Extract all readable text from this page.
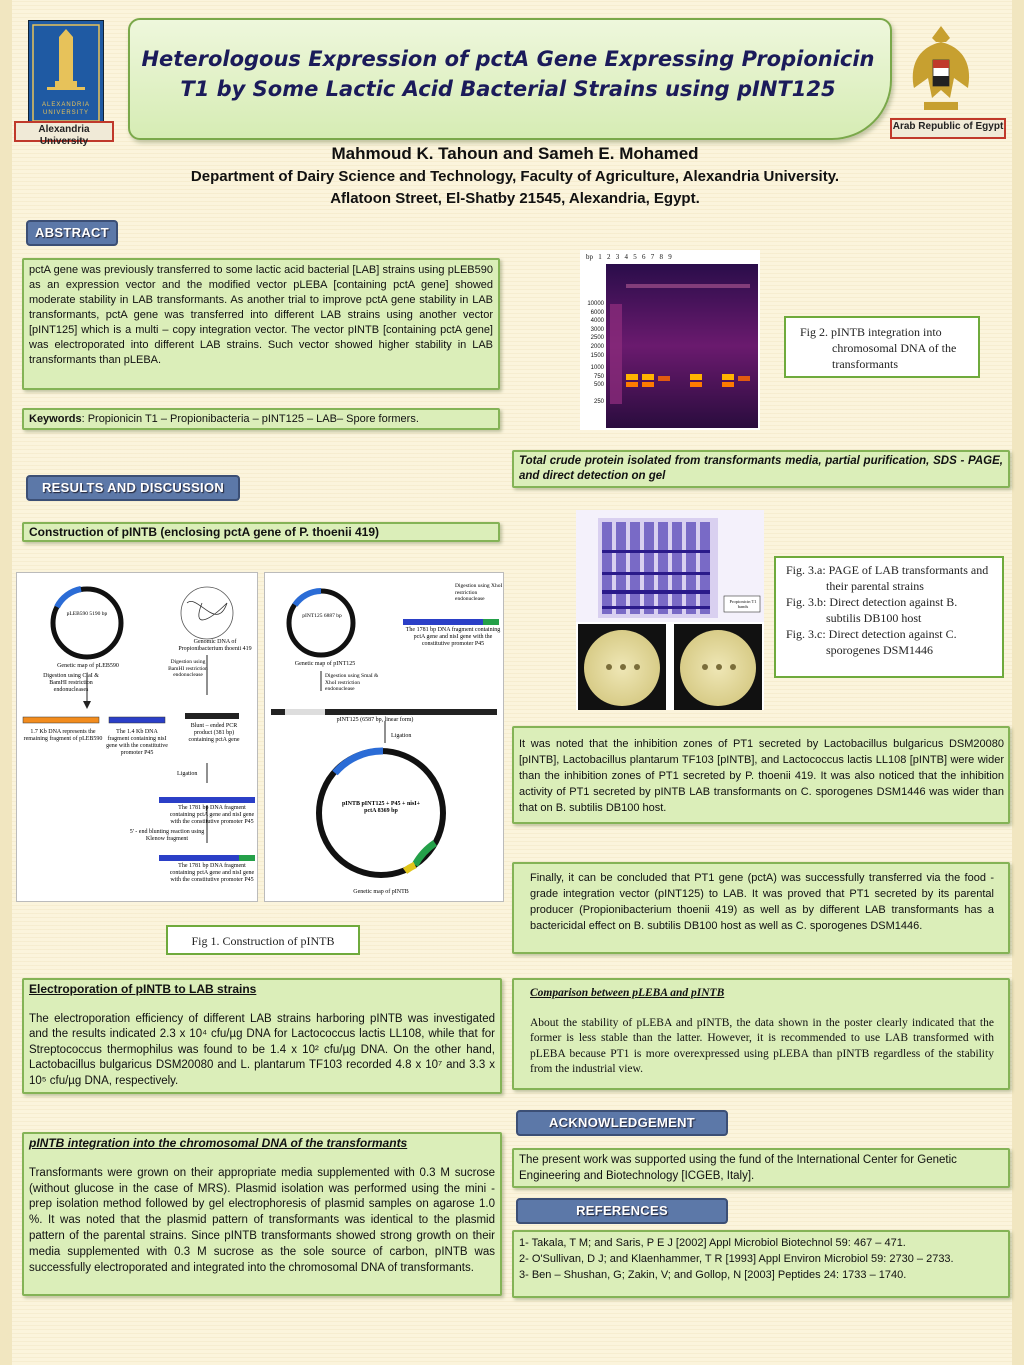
ALEXANDRIA UNIVERSITY
Alexandria University
Arab Republic of Egypt
Heterologous Expression of pctA Gene Expressing Propionicin
T1 by Some Lactic Acid Bacterial Strains using pINT125
Mahmoud K. Tahoun and Sameh E. Mohamed
Department of Dairy Science and Technology, Faculty of Agriculture, Alexandria University.
Aflatoon Street, El-Shatby 21545, Alexandria, Egypt.
ABSTRACT

pctA gene was previously transferred to some lactic acid bacterial [LAB] strains using pLEB590 as an expression vector and the modified vector pLEBA [containing pctA gene] showed moderate stability in LAB transformants. As another trial to improve pctA gene stability in LAB transformants, pctA gene was transferred into different LAB strains using another vector [pINT125] which is a multi – copy integration vector. The vector pINTB [containing pctA gene] was electroporated into different LAB strains. Such vector showed higher stability in LAB transformants than pLEBA.

Keywords: Propionicin T1 – Propionibacteria – pINT125 – LAB– Spore formers.
bp   1   2   3   4   5   6   7   8   9
10000
6000
4000
3000
2500
2000
1500
1000
750
500
250

Fig 2. pINTB integration into chromosomal DNA of the transformants

Total crude protein isolated from transformants media, partial purification, SDS - PAGE, and direct detection on gel

RESULTS AND DISCUSSION

Construction of pINTB (enclosing pctA gene of P. thoenii 419)

Propionicin T1 bands

Fig. 3.a: PAGE of LAB transformants and their parental strains

Fig. 3.b: Direct detection against B. subtilis DB100 host

Fig. 3.c: Direct detection against C. sporogenes DSM1446

pLEB590 5190 bp
Genetic map of pLEB590
Genomic DNA of Propionibacterium thoenii 419
Digestion using ClaI & BamHI restriction endonucleases
Digestion using BamHI restriction endonuclease
1.7 Kb DNA represents the remaining fragment of pLEB590
The 1.4 Kb DNA fragment containing nisI gene with the constitutive promoter P45
Blunt – ended PCR product (381 bp) containing pctA gene
Ligation
The 1781 bp DNA fragment containing pctA gene and nisI gene with the constitutive promoter P45
5' - end blunting reaction using Klenow fragment
The 1781 bp DNA fragment containing pctA gene and nisI gene with the constitutive promoter P45
pINT125 6887 bp
Genetic map of pINT125
Digestion using XhoI restriction endonuclease
The 1781 bp DNA fragment containing pctA gene and nisI gene with the constitutive promoter P45
Digestion using SmaI & XhoI restriction endonuclease
pINT125 (6587 bp, linear form)
Ligation
pINTB pINT125 + P45 + nisI+ pctA 8369 bp
Genetic map of pINTB

Fig 1. Construction of pINTB

It was noted that the inhibition zones of PT1 secreted by Lactobacillus bulgaricus DSM20080 [pINTB], Lactobacillus plantarum TF103 [pINTB], and Lactococcus lactis LL108 [pINTB] were wider than the inhibition zones of PT1 secreted by P. thoenii 419. It was also noticed that the inhibition activity of PT1 secreted by pINTB LAB transformants on C. sporogenes DSM1446 was wider than that on B. subtilis DB100 host.

Finally, it can be concluded that PT1 gene (pctA) was successfully transferred via the food - grade integration vector (pINT125) to LAB. It was proved that PT1 secreted by its parental producer (Propionibacterium thoenii 419) as well as by different LAB transformants has a bactericidal effect on B. subtilis DB100 host as well as C. sporogenes DSM1446.

Electroporation of pINTB to LAB strains

The electroporation efficiency of different LAB strains harboring pINTB was investigated and the results indicated 2.3 x 10⁴ cfu/µg DNA for Lactococcus lactis LL108, while that for Streptococcus thermophilus was found to be 1.4 x 10² cfu/µg DNA. On the other hand, Lactobacillus bulgaricus DSM20080 and L. plantarum TF103 recorded 4.8 x 10⁷ and 3.3 x 10⁵ cfu/µg DNA, respectively.

Comparison between pLEBA and pINTB

About the stability of pLEBA and pINTB, the data shown in the poster clearly indicated that the former is less stable than the latter. However, it is recommended to use LAB transformed with pLEBA because PT1 is more overexpressed using pLEBA than pINTB regardless of the stability from the industrial view.

ACKNOWLEDGEMENT

pINTB integration into the chromosomal DNA of the transformants

Transformants were grown on their appropriate media supplemented with 0.3 M sucrose (without glucose in the case of MRS). Plasmid isolation was performed using the mini - prep isolation method followed by gel electrophoresis of plasmid samples on agarose 1.0 %. It was noted that the plasmid pattern of transformants was identical to the plasmid pattern of the parental strains. Since pINTB transformants showed strong growth on their media supplemented with 0.3 M sucrose as the sole source of carbon, pINTB was successfully electroporated and integrated into the chromosomal DNA of transformants.

The present work was supported using the fund of the International Center for Genetic Engineering and Biotechnology [ICGEB, Italy].

REFERENCES

1- Takala, T M; and Saris, P E J [2002] Appl Microbiol Biotechnol 59: 467 – 471.

2- O'Sullivan, D J; and Klaenhammer, T R [1993] Appl Environ Microbiol 59: 2730 – 2733.

3- Ben – Shushan, G; Zakin, V; and Gollop, N [2003] Peptides 24: 1733 – 1740.
